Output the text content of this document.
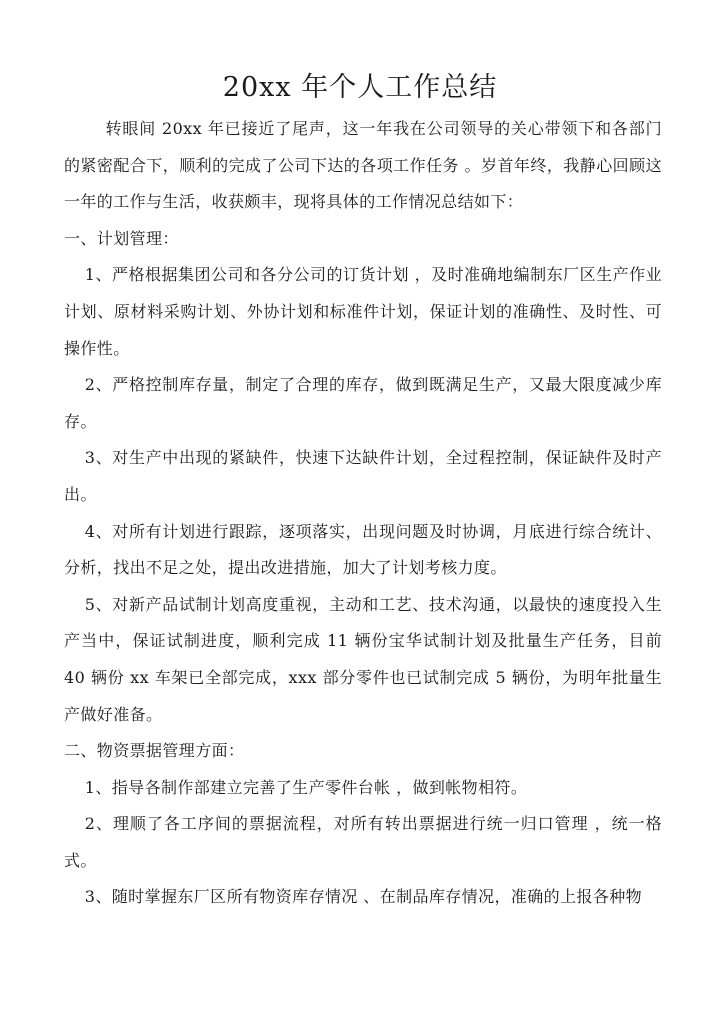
20xx 年个人工作总结

转眼间 20xx 年已接近了尾声，这一年我在公司领导的关心带领下和各部门的紧密配合下，顺利的完成了公司下达的各项工作任务 。岁首年终，我静心回顾这一年的工作与生活，收获颇丰，现将具体的工作情况总结如下：

一、计划管理：

1、严格根据集团公司和各分公司的订货计划 ，及时准确地编制东厂区生产作业计划、原材料采购计划、外协计划和标准件计划，保证计划的准确性、及时性、可操作性。

2、严格控制库存量，制定了合理的库存，做到既满足生产，又最大限度减少库存。

3、对生产中出现的紧缺件，快速下达缺件计划，全过程控制，保证缺件及时产出。

4、对所有计划进行跟踪，逐项落实，出现问题及时协调，月底进行综合统计、分析，找出不足之处，提出改进措施，加大了计划考核力度。

5、对新产品试制计划高度重视，主动和工艺、技术沟通，以最快的速度投入生产当中，保证试制进度，顺利完成 11 辆份宝华试制计划及批量生产任务，目前 40 辆份 xx 车架已全部完成，xxx 部分零件也已试制完成 5 辆份，为明年批量生产做好准备。

二、物资票据管理方面：

1、指导各制作部建立完善了生产零件台帐 ，做到帐物相符。

2、理顺了各工序间的票据流程，对所有转出票据进行统一归口管理 ，统一格式。

3、随时掌握东厂区所有物资库存情况 、在制品库存情况，准确的上报各种物
